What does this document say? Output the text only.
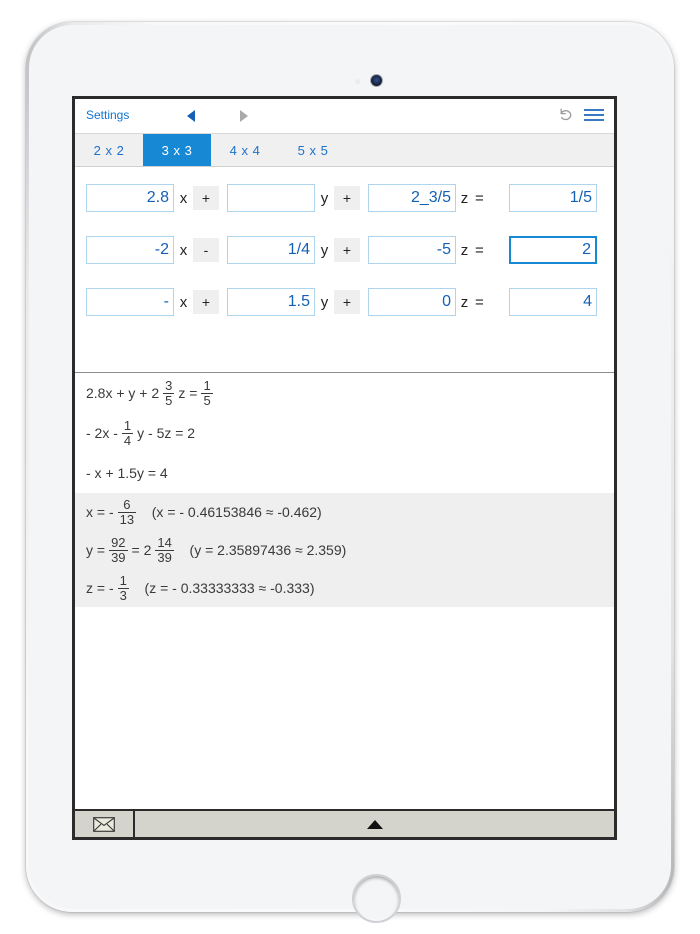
Settings
2 x 2	3 x 3	4 x 4	5 x 5
2.8 x	+	y	+	2_3/5 z =	1/5
-2 x	-	1/4 y	+	-5 z =	2
- x	+	1.5 y	+	0 z =	4
$2.8x + y + 2 \frac{3}{5}$ $z = \frac{1}{5}$
- $2x - \frac{1}{4}$ y - 5z = 2
- x + 1.5y = 4
x = - $\frac{6}{13} (x$ = - 0.46153846 ≈ -0.462)
$y = \frac{92}{39} = 2 \frac{14}{39} (y = 2.35897436 \approx 2.359)$
z = - $\frac{1}{3} (z$ = - 0.33333333 ≈ -0.333)
